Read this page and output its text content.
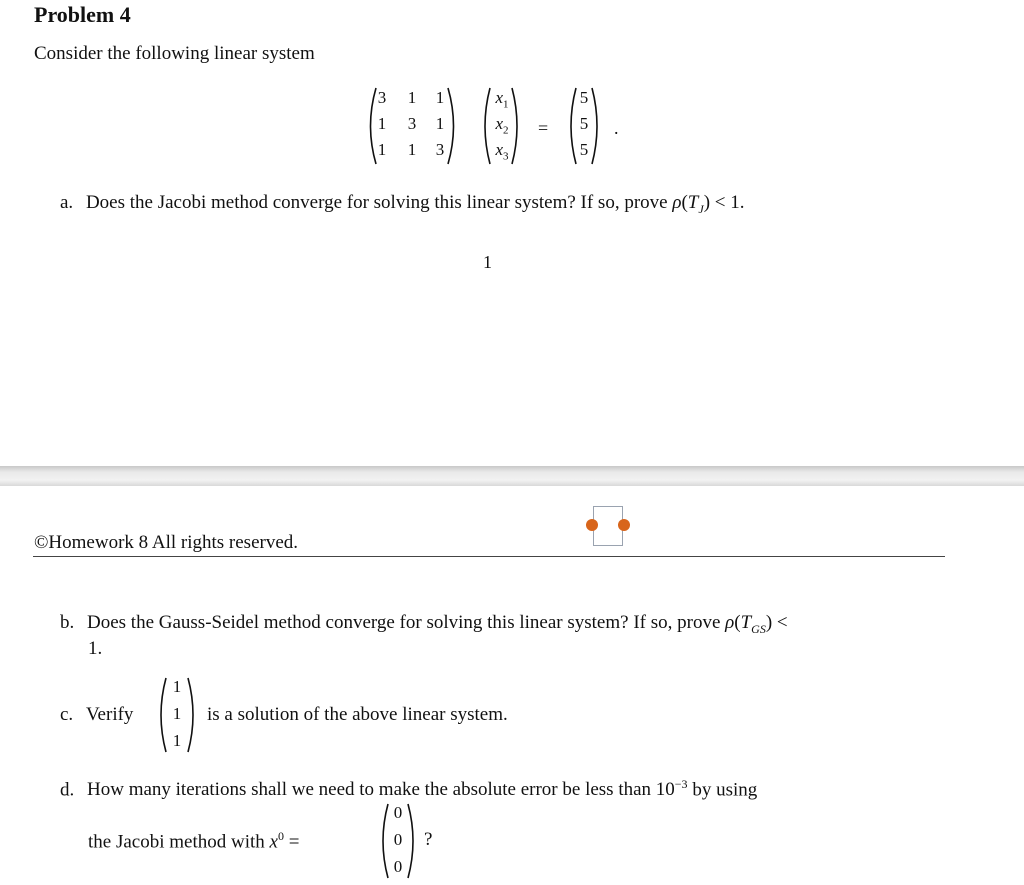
Problem 4
Consider the following linear system
3	1	1
1	3	1
1	1	3
$x_1$
$x_2$
$x_3$
=
5
5
5
.
a. Does the Jacobi method converge for solving this linear system? If so, prove $\rho(T_J) < 1$.
1
©Homework 8 All rights reserved.
b. Does the Gauss-Seidel method converge for solving this linear system? If so, prove $\rho(T_{GS})$ <
1.
c. Verify
1
1
1
is a solution of the above linear system.
d. How many iterations shall we need to make the absolute error be less than $10^{-3}$ by using
the Jacobi method with $x^0$ =
0
0
0
?
